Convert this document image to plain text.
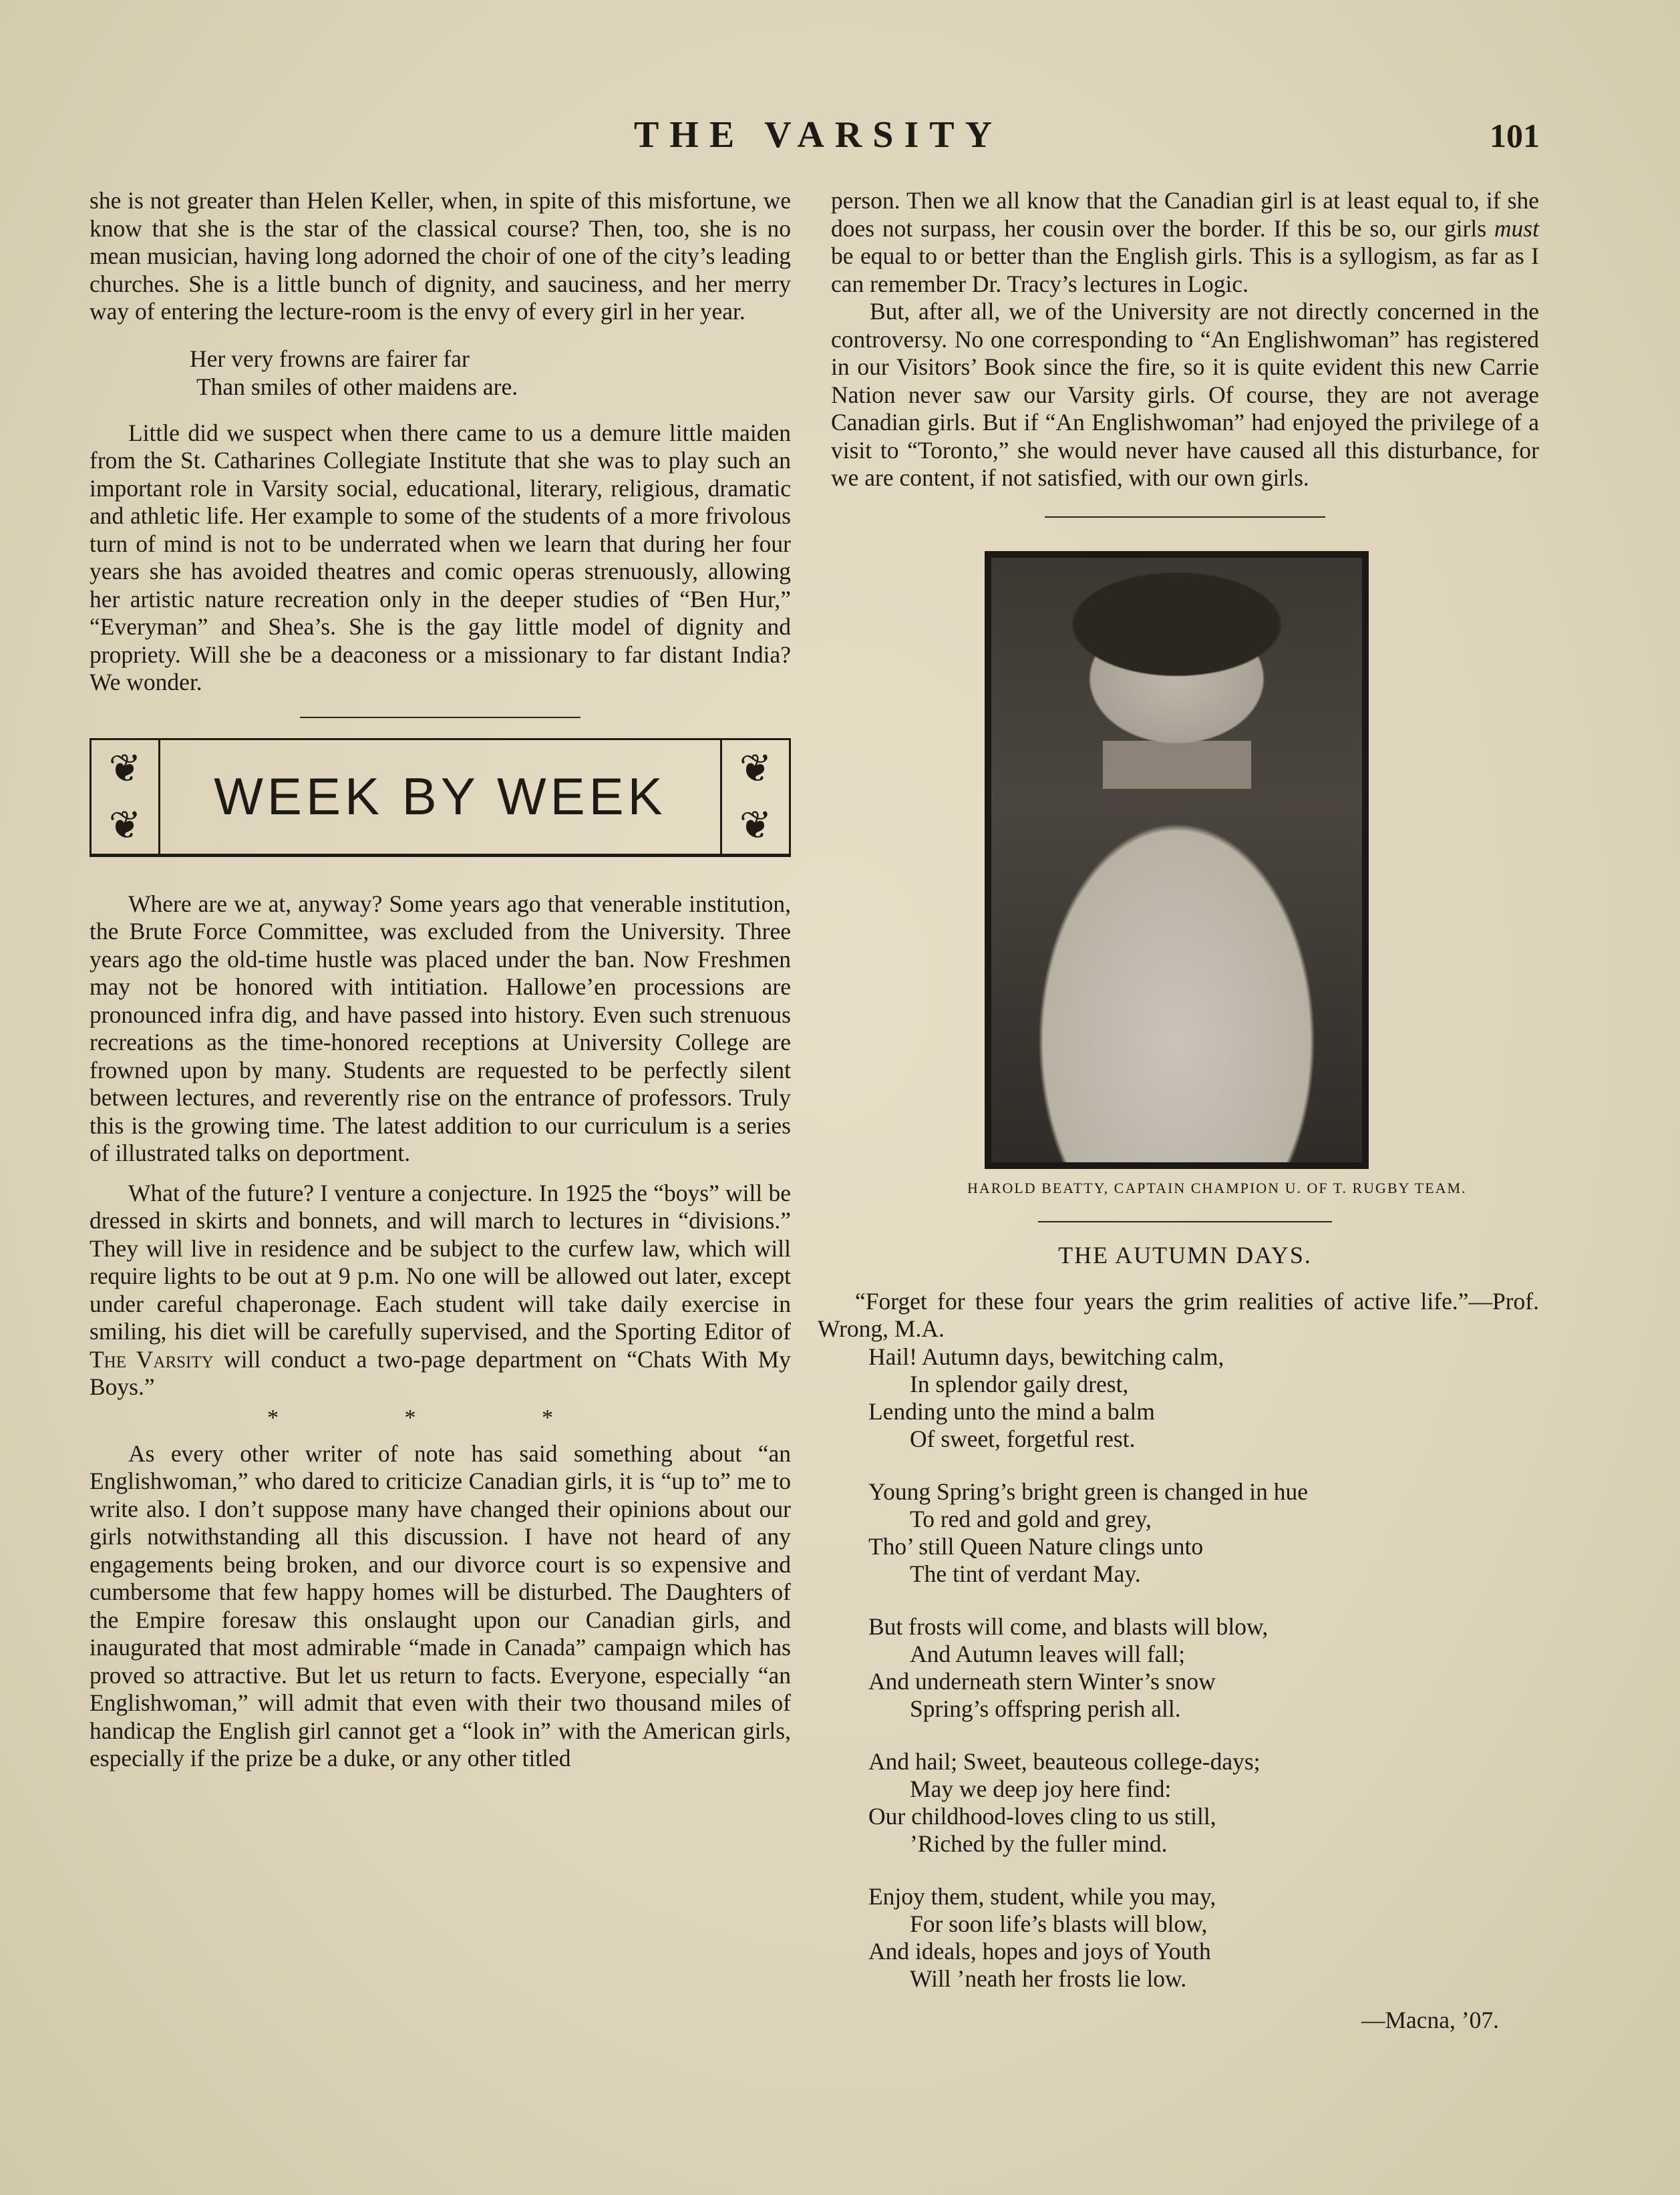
THE VARSITY	101

she is not greater than Helen Keller, when, in spite of this misfortune, we know that she is the star of the classical course? Then, too, she is no mean musician, having long adorned the choir of one of the city’s leading churches. She is a little bunch of dignity, and sauciness, and her merry way of entering the lecture-room is the envy of every girl in her year.

Her very frowns are fairer far
Than smiles of other maidens are.

Little did we suspect when there came to us a demure little maiden from the St. Catharines Collegiate Institute that she was to play such an important role in Varsity social, educational, literary, religious, dramatic and athletic life. Her example to some of the students of a more frivolous turn of mind is not to be underrated when we learn that during her four years she has avoided theatres and comic operas strenuously, allowing her artistic nature recreation only in the deeper studies of “Ben Hur,” “Everyman” and Shea’s. She is the gay little model of dignity and propriety. Will she be a deaconess or a missionary to far distant India? We wonder.

❦
❦	WEEK BY WEEK	❦
❦

Where are we at, anyway? Some years ago that venerable institution, the Brute Force Committee, was excluded from the University. Three years ago the old-time hustle was placed under the ban. Now Freshmen may not be honored with intitiation. Hallowe’en processions are pronounced infra dig, and have passed into history. Even such strenuous recreations as the time-honored receptions at University College are frowned upon by many. Students are requested to be perfectly silent between lectures, and reverently rise on the entrance of professors. Truly this is the growing time. The latest addition to our curriculum is a series of illustrated talks on deportment.

What of the future? I venture a conjecture. In 1925 the “boys” will be dressed in skirts and bonnets, and will march to lectures in “divisions.” They will live in residence and be subject to the curfew law, which will require lights to be out at 9 p.m. No one will be allowed out later, except under careful chaperonage. Each student will take daily exercise in smiling, his diet will be carefully supervised, and the Sporting Editor of The Varsity will conduct a two-page department on “Chats With My Boys.”

* * *

As every other writer of note has said something about “an Englishwoman,” who dared to criticize Canadian girls, it is “up to” me to write also. I don’t suppose many have changed their opinions about our girls notwithstanding all this discussion. I have not heard of any engagements being broken, and our divorce court is so expensive and cumbersome that few happy homes will be disturbed. The Daughters of the Empire foresaw this onslaught upon our Canadian girls, and inaugurated that most admirable “made in Canada” campaign which has proved so attractive. But let us return to facts. Everyone, especially “an Englishwoman,” will admit that even with their two thousand miles of handicap the English girl cannot get a “look in” with the American girls, especially if the prize be a duke, or any other titled

person. Then we all know that the Canadian girl is at least equal to, if she does not surpass, her cousin over the border. If this be so, our girls must be equal to or better than the English girls. This is a syllogism, as far as I can remember Dr. Tracy’s lectures in Logic.

But, after all, we of the University are not directly concerned in the controversy. No one corresponding to “An Englishwoman” has registered in our Visitors’ Book since the fire, so it is quite evident this new Carrie Nation never saw our Varsity girls. Of course, they are not average Canadian girls. But if “An Englishwoman” had enjoyed the privilege of a visit to “Toronto,” she would never have caused all this disturbance, for we are content, if not satisfied, with our own girls.

HAROLD BEATTY, CAPTAIN CHAMPION U. OF T. RUGBY TEAM.
THE AUTUMN DAYS.

“Forget for these four years the grim realities of active life.”—Prof. Wrong, M.A.

Hail! Autumn days, bewitching calm,
In splendor gaily drest,
Lending unto the mind a balm
Of sweet, forgetful rest.
Young Spring’s bright green is changed in hue
To red and gold and grey,
Tho’ still Queen Nature clings unto
The tint of verdant May.
But frosts will come, and blasts will blow,
And Autumn leaves will fall;
And underneath stern Winter’s snow
Spring’s offspring perish all.
And hail; Sweet, beauteous college-days;
May we deep joy here find:
Our childhood-loves cling to us still,
’Riched by the fuller mind.
Enjoy them, student, while you may,
For soon life’s blasts will blow,
And ideals, hopes and joys of Youth
Will ’neath her frosts lie low.
—Macna, ’07.
